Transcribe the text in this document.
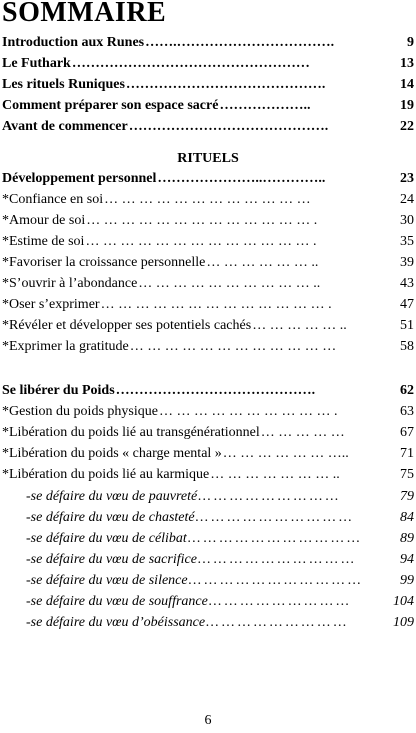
SOMMAIRE
Introduction aux Runes …….…………………………….	9
Le Futhark ……………………………………………	13
Les rituels Runiques …………………………………….	14
Comment préparer son espace sacré ………………..	19
Avant de commencer …………………………………….	22
RITUELS
Développement personnel …………………..…………..	23
*Confiance en soi … … … … … … … … … … … …	24
*Amour de soi … … … … … … … … … … … … … .	30
*Estime de soi … … … … … … … … … … … … … .	35
*Favoriser la croissance personnelle … … … … … … ..	39
*S’ouvrir à l’abondance … … … … … … … … … … ..	43
*Oser s’exprimer … … … … … … … … … … … … … .	47
*Révéler et développer ses potentiels cachés … … … … … ..	51
*Exprimer la gratitude … … … … … … … … … … … …	58
Se libérer du Poids …………………………………….	62
*Gestion du poids physique … … … … … … … … … … .	63
*Libération du poids lié au transgénérationnel … … … … …	67
*Libération du poids « charge mental » … … … … … … …..	71
*Libération du poids lié au karmique … … … … … … … ..	75
-se défaire du vœu de pauvreté … … … … … … … … …	79
-se défaire du vœu de chasteté … … … … … … … … … …	84
-se défaire du vœu de célibat … … … … … … … … … … …	89
-se défaire du vœu de sacrifice … … … … … … … … … …	94
-se défaire du vœu de silence … … … … … … … … … … …	99
-se défaire du vœu de souffrance … … … … … … … … …	104
-se défaire du vœu d’obéissance … … … … … … … … …	109
6
